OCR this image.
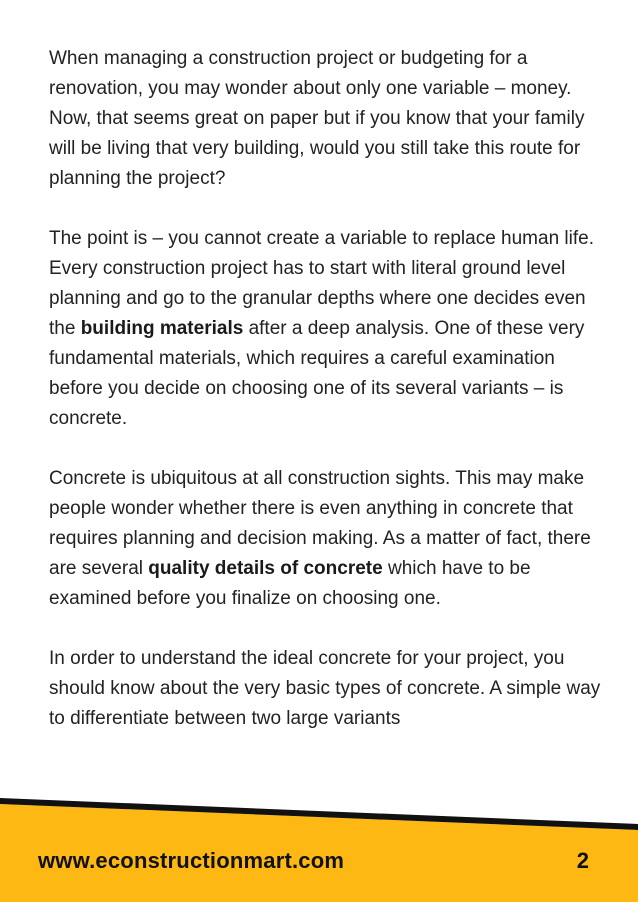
When managing a construction project or budgeting for a renovation, you may wonder about only one variable – money. Now, that seems great on paper but if you know that your family will be living that very building, would you still take this route for planning the project?

The point is – you cannot create a variable to replace human life. Every construction project has to start with literal ground level planning and go to the granular depths where one decides even the building materials after a deep analysis. One of these very fundamental materials, which requires a careful examination before you decide on choosing one of its several variants – is concrete.

Concrete is ubiquitous at all construction sights. This may make people wonder whether there is even anything in concrete that requires planning and decision making. As a matter of fact, there are several quality details of concrete which have to be examined before you finalize on choosing one.

In order to understand the ideal concrete for your project, you should know about the very basic types of concrete. A simple way to differentiate between two large variants

www.econstructionmart.com	2
